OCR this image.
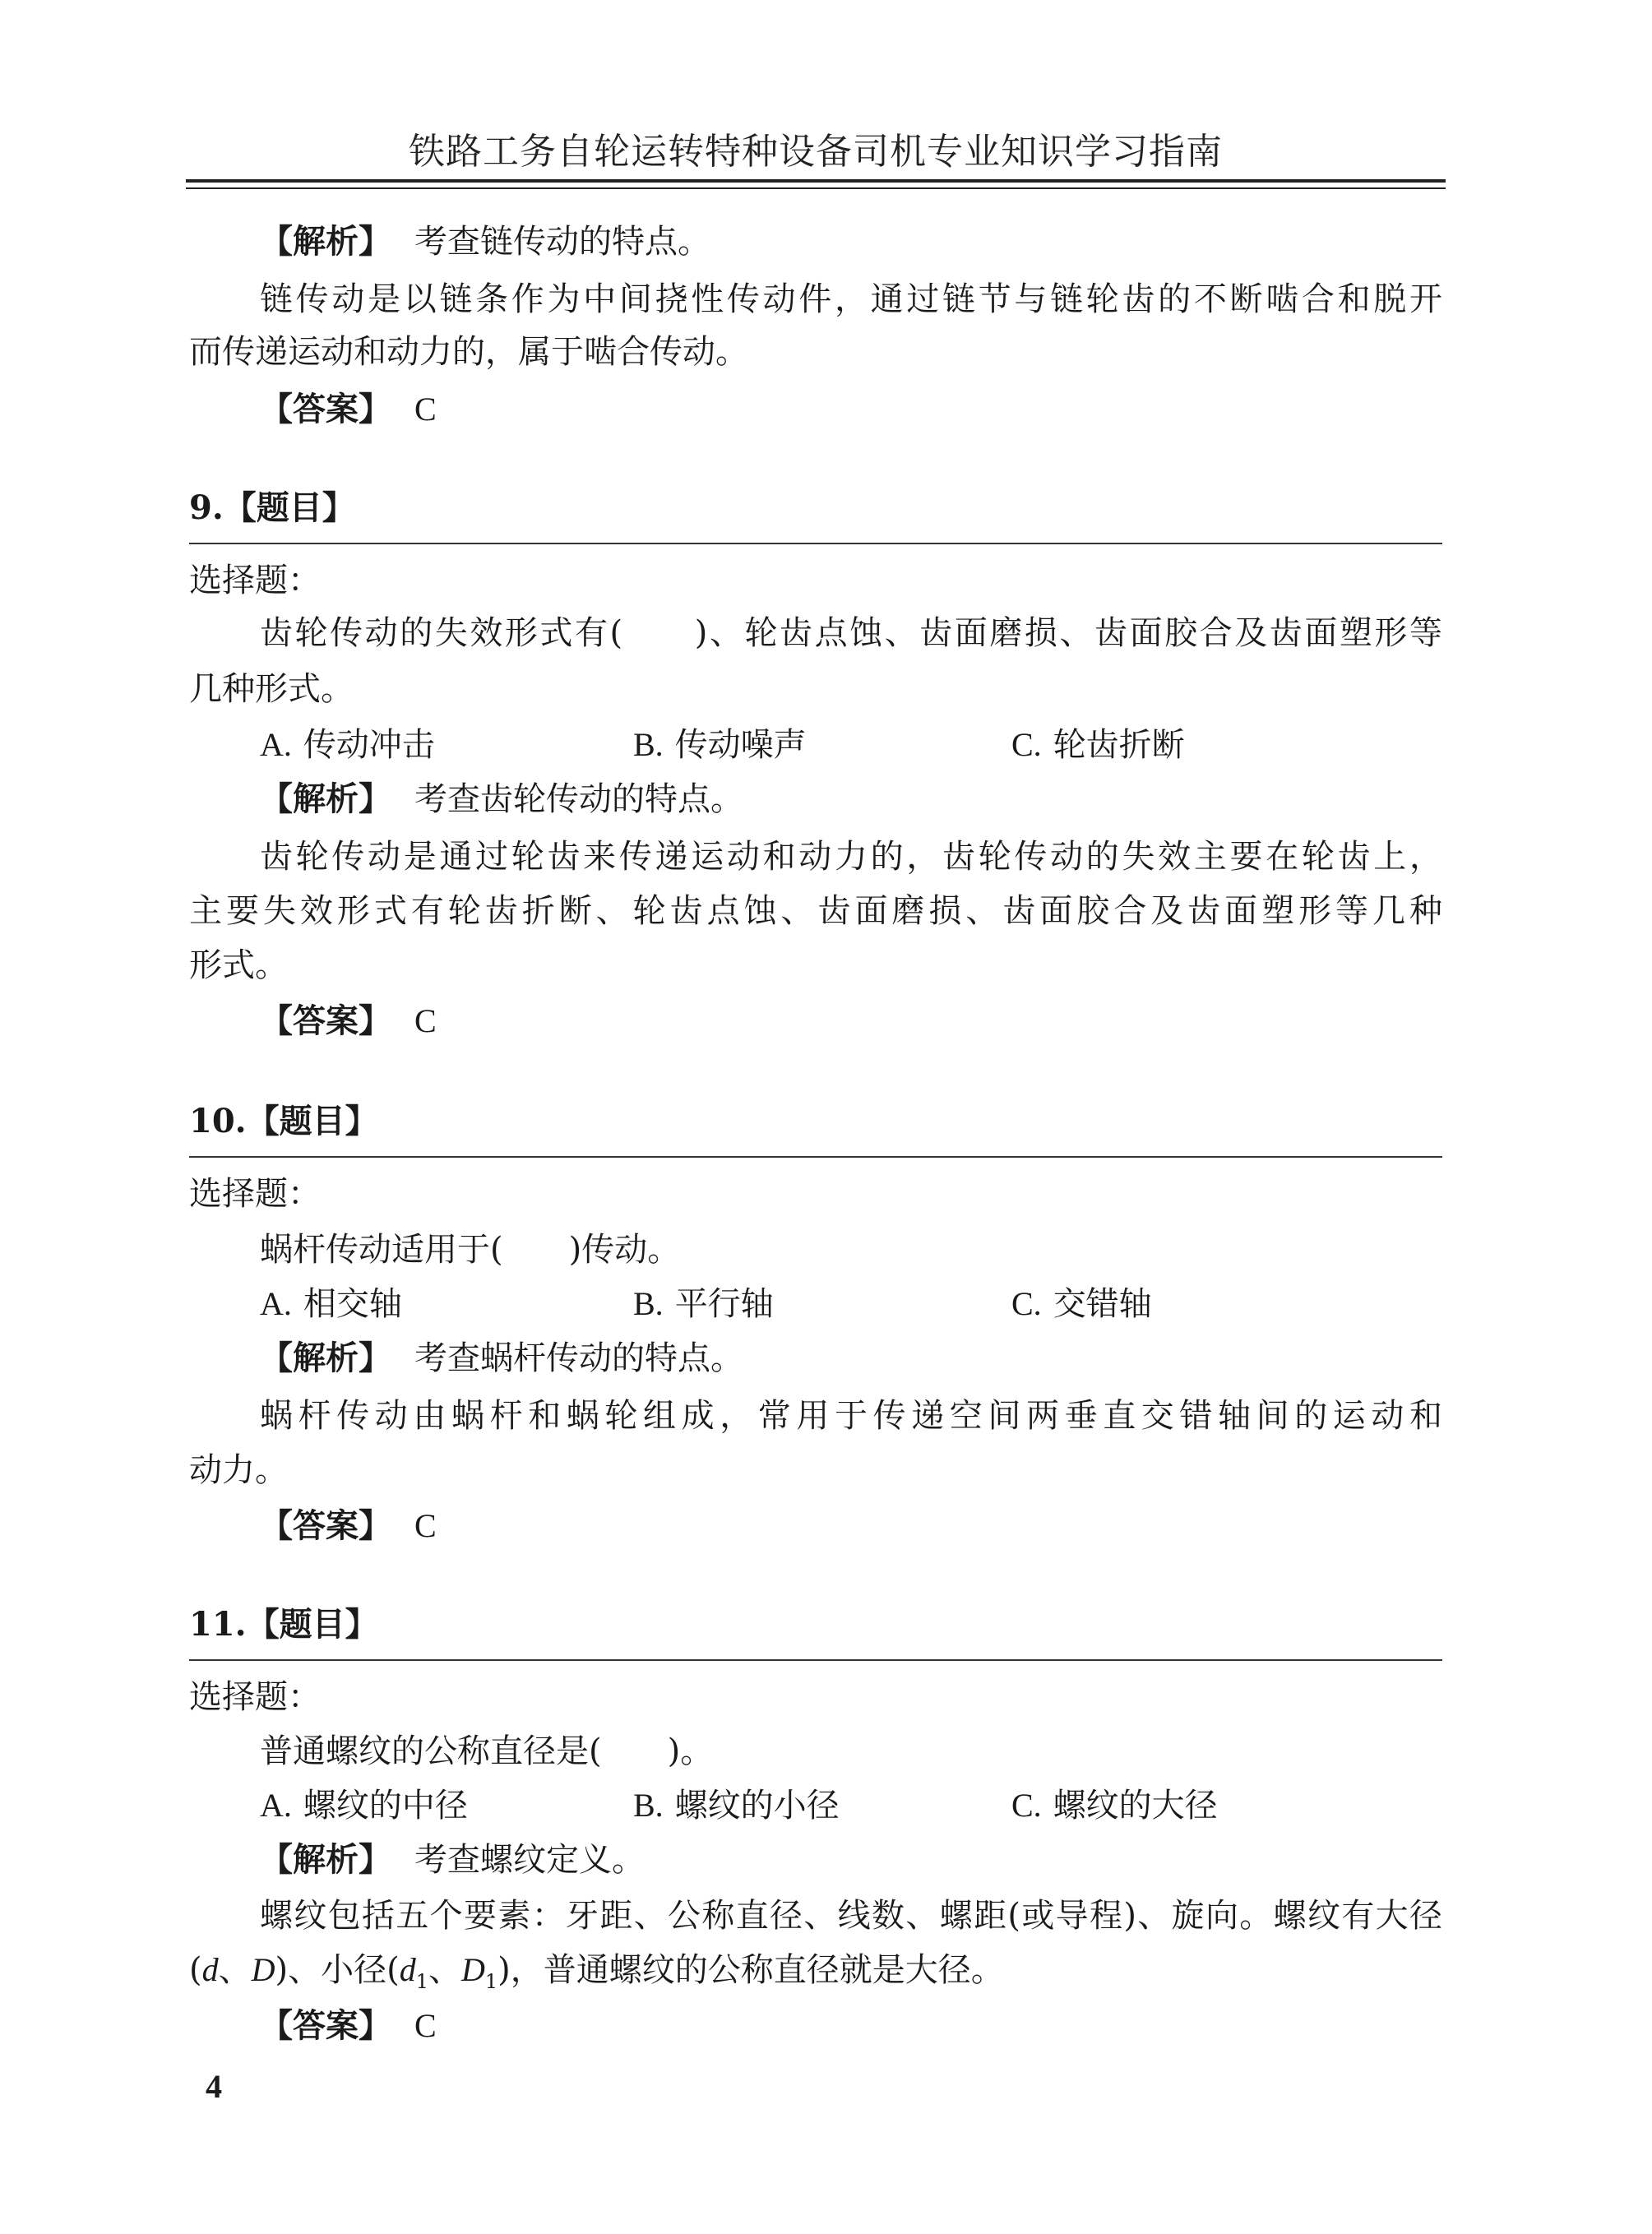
铁路工务自轮运转特种设备司机专业知识学习指南
【解析】 考查链传动的特点。
链传动是以链条作为中间挠性传动件，通过链节与链轮齿的不断啮合和脱开
而传递运动和动力的，属于啮合传动。
【答案】 C
9.【题目】
选择题：
齿轮传动的失效形式有(　　)、轮齿点蚀、齿面磨损、齿面胶合及齿面塑形等
几种形式。
A. 传动冲击	B. 传动噪声	C. 轮齿折断
【解析】 考查齿轮传动的特点。
齿轮传动是通过轮齿来传递运动和动力的，齿轮传动的失效主要在轮齿上，
主要失效形式有轮齿折断、轮齿点蚀、齿面磨损、齿面胶合及齿面塑形等几种
形式。
【答案】 C
10.【题目】
选择题：
蜗杆传动适用于(　　)传动。
A. 相交轴	B. 平行轴	C. 交错轴
【解析】 考查蜗杆传动的特点。
蜗杆传动由蜗杆和蜗轮组成，常用于传递空间两垂直交错轴间的运动和
动力。
【答案】 C
11.【题目】
选择题：
普通螺纹的公称直径是(　　)。
A. 螺纹的中径	B. 螺纹的小径	C. 螺纹的大径
【解析】 考查螺纹定义。
螺纹包括五个要素：牙距、公称直径、线数、螺距(或导程)、旋向。螺纹有大径
(d、D)、小径($d_1$、$D_1$)，普通螺纹的公称直径就是大径。
【答案】 C
4
